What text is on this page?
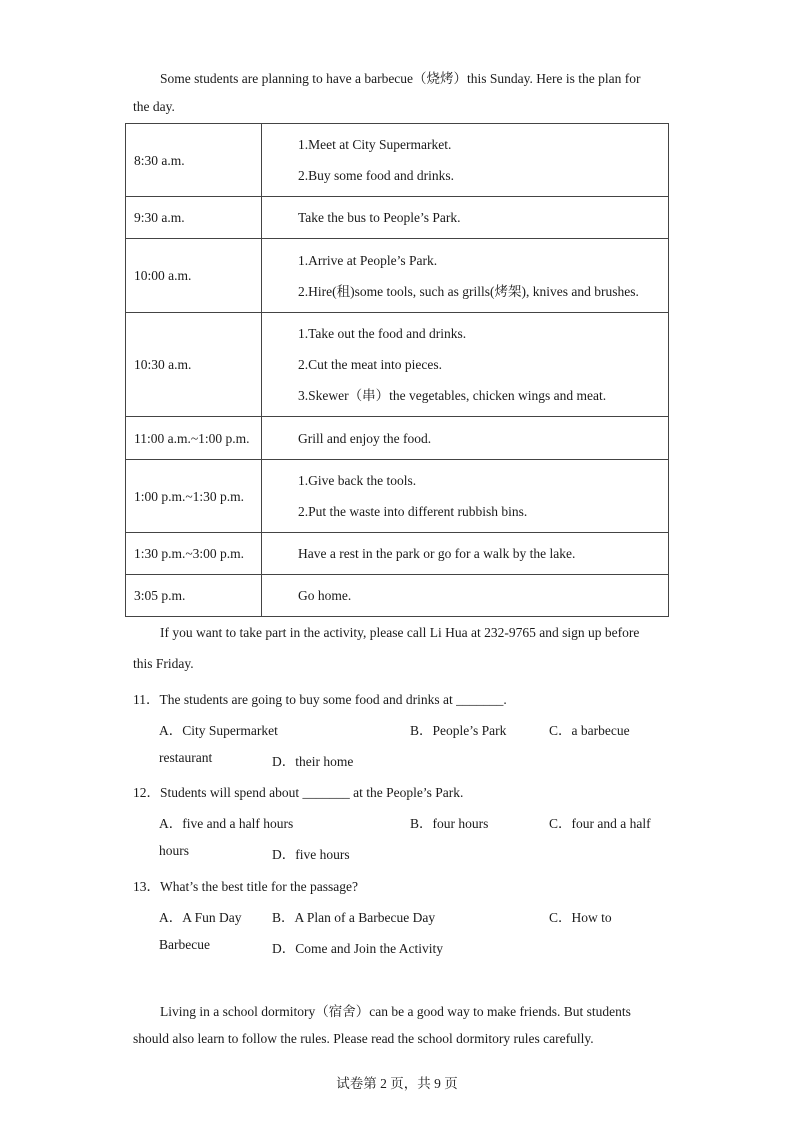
Some students are planning to have a barbecue（烧烤）this Sunday. Here is the plan for
the day.
8:30 a.m.	1.Meet at City Supermarket.
2.Buy some food and drinks.

9:30 a.m.	Take the bus to People’s Park.

10:00 a.m.	1.Arrive at People’s Park.
2.Hire(租)some tools, such as grills(烤架), knives and brushes.

10:30 a.m.	1.Take out the food and drinks.
2.Cut the meat into pieces.
3.Skewer（串）the vegetables, chicken wings and meat.

11:00 a.m.~1:00 p.m.	Grill and enjoy the food.

1:00 p.m.~1:30 p.m.	1.Give back the tools.
2.Put the waste into different rubbish bins.

1:30 p.m.~3:00 p.m.	Have a rest in the park or go for a walk by the lake.

3:05 p.m.	Go home.
If you want to take part in the activity, please call Li Hua at 232-9765 and sign up before
this Friday.
11．The students are going to buy some food and drinks at _______.
A．City Supermarket	B．People’s Park	C．a barbecue
restaurant	D．their home
12．Students will spend about _______ at the People’s Park.
A．five and a half hours	B．four hours	C．four and a half
hours	D．five hours
13．What’s the best title for the passage?
A．A Fun Day B．A Plan of a Barbecue Day	C．How to
Barbecue	D．Come and Join the Activity
Living in a school dormitory（宿舍）can be a good way to make friends. But students
should also learn to follow the rules. Please read the school dormitory rules carefully.
试卷第 2 页，共 9 页
